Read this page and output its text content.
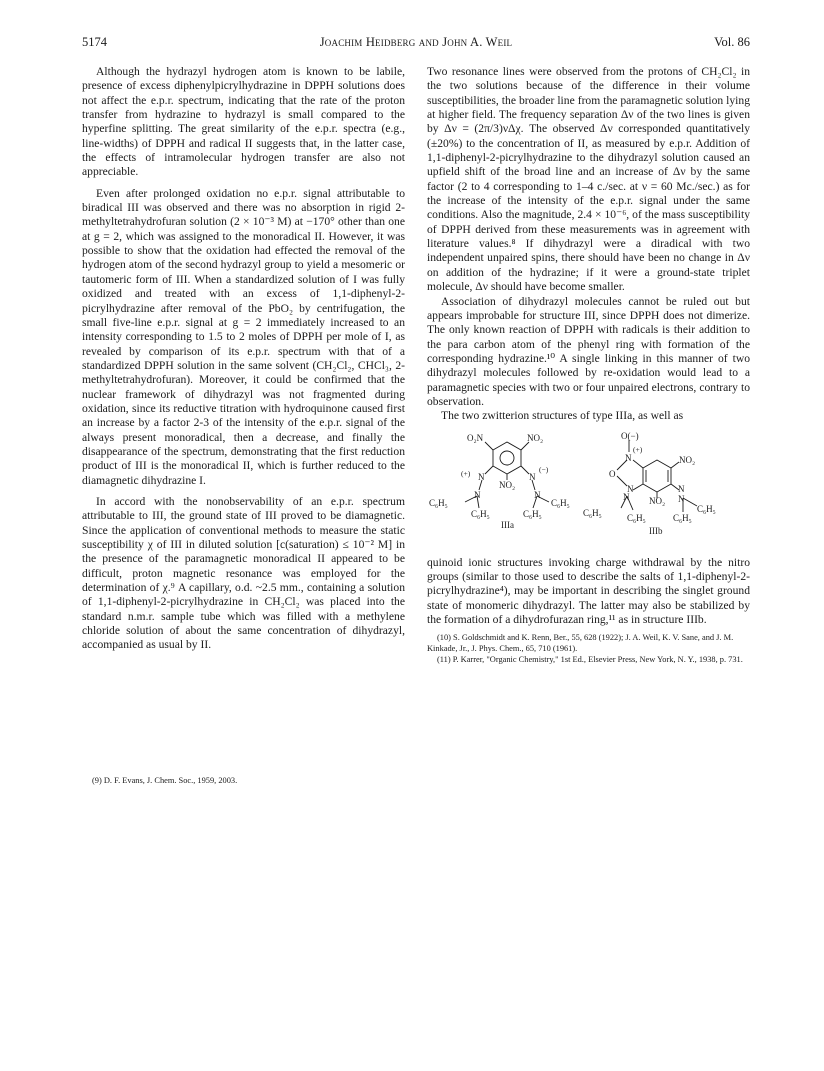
5174	Joachim Heidberg and John A. Weil	Vol. 86

Although the hydrazyl hydrogen atom is known to be labile, presence of excess diphenylpicrylhydrazine in DPPH solutions does not affect the e.p.r. spectrum, indicating that the rate of the proton transfer from hydrazine to hydrazyl is small compared to the hyperfine splitting. The great similarity of the e.p.r. spectra (e.g., line-widths) of DPPH and radical II suggests that, in the latter case, the effects of intramolecular hydrogen transfer are also not appreciable.

Even after prolonged oxidation no e.p.r. signal attributable to biradical III was observed and there was no absorption in rigid 2-methyltetrahydrofuran solution (2 × 10⁻³ M) at −170° other than one at g = 2, which was assigned to the monoradical II. However, it was possible to show that the oxidation had effected the removal of the hydrogen atom of the second hydrazyl group to yield a mesomeric or tautomeric form of III. When a standardized solution of I was fully oxidized and treated with an excess of 1,1-diphenyl-2-picrylhydrazine after removal of the PbO₂ by centrifugation, the small five-line e.p.r. signal at g = 2 immediately increased to an intensity corresponding to 1.5 to 2 moles of DPPH per mole of I, as revealed by comparison of its e.p.r. spectrum with that of a standardized DPPH solution in the same solvent (CH₂Cl₂, CHCl₃, 2-methyltetrahydrofuran). Moreover, it could be confirmed that the nuclear framework of dihydrazyl was not fragmented during oxidation, since its reductive titration with hydroquinone caused first an increase by a factor 2-3 of the intensity of the e.p.r. signal of the always present monoradical, then a decrease, and finally the disappearance of the spectrum, demonstrating that the first reduction product of III is the monoradical II, which is further reduced to the diamagnetic dihydrazine I.

In accord with the nonobservability of an e.p.r. spectrum attributable to III, the ground state of III proved to be diamagnetic. Since the application of conventional methods to measure the static susceptibility χ of III in diluted solution [c(saturation) ≤ 10⁻² M] in the presence of the paramagnetic monoradical II appeared to be difficult, proton magnetic resonance was employed for the determination of χ.⁹ A capillary, o.d. ~2.5 mm., containing a solution of 1,1-diphenyl-2-picrylhydrazine in CH₂Cl₂ was placed into the standard n.m.r. sample tube which was filled with a methylene chloride solution of about the same concentration of dihydrazyl, accompanied as usual by II.

(9) D. F. Evans, J. Chem. Soc., 1959, 2003.

Two resonance lines were observed from the protons of CH₂Cl₂ in the two solutions because of the difference in their volume susceptibilities, the broader line from the paramagnetic solution lying at higher field. The frequency separation Δν of the two lines is given by Δν = (2π/3)νΔχ. The observed Δν corresponded quantitatively (±20%) to the concentration of II, as measured by e.p.r. Addition of 1,1-diphenyl-2-picrylhydrazine to the dihydrazyl solution caused an upfield shift of the broad line and an increase of Δν by the same factor (2 to 4 corresponding to 1–4 c./sec. at ν = 60 Mc./sec.) as for the increase of the intensity of the e.p.r. signal under the same conditions. Also the magnitude, 2.4 × 10⁻⁶, of the mass susceptibility of DPPH derived from these measurements was in agreement with literature values.⁸ If dihydrazyl were a diradical with two independent unpaired spins, there should have been no change in Δν on addition of the hydrazine; if it were a ground-state triplet molecule, Δν should have become smaller.

Association of dihydrazyl molecules cannot be ruled out but appears improbable for structure III, since DPPH does not dimerize. The only known reaction of DPPH with radicals is their addition to the para carbon atom of the phenyl ring with formation of the corresponding hydrazine.¹⁰ A single linking in this manner of two dihydrazyl molecules followed by re-oxidation would lead to a paramagnetic species with two or four unpaired electrons, contrary to observation.

The two zwitterion structures of type IIIa, as well as

O₂N	NO₂
NO₂
(+)	(−)
N	N
N	N
C₆H₅
C₆H₅
C₆H₅
C₆H₅
IIIa
O(−)
(+)
N
O
NO₂
N
NO₂
N
N	N
C₆H₅	C₆H₅
C₆H₅
C₆H₅
IIIb

quinoid ionic structures invoking charge withdrawal by the nitro groups (similar to those used to describe the salts of 1,1-diphenyl-2-picrylhydrazine⁴), may be important in describing the singlet ground state of monomeric dihydrazyl. The latter may also be stabilized by the formation of a dihydrofurazan ring,¹¹ as in structure IIIb.

(10) S. Goldschmidt and K. Renn, Ber., 55, 628 (1922); J. A. Weil, K. V. Sane, and J. M. Kinkade, Jr., J. Phys. Chem., 65, 710 (1961).

(11) P. Karrer, "Organic Chemistry," 1st Ed., Elsevier Press, New York, N. Y., 1938, p. 731.
